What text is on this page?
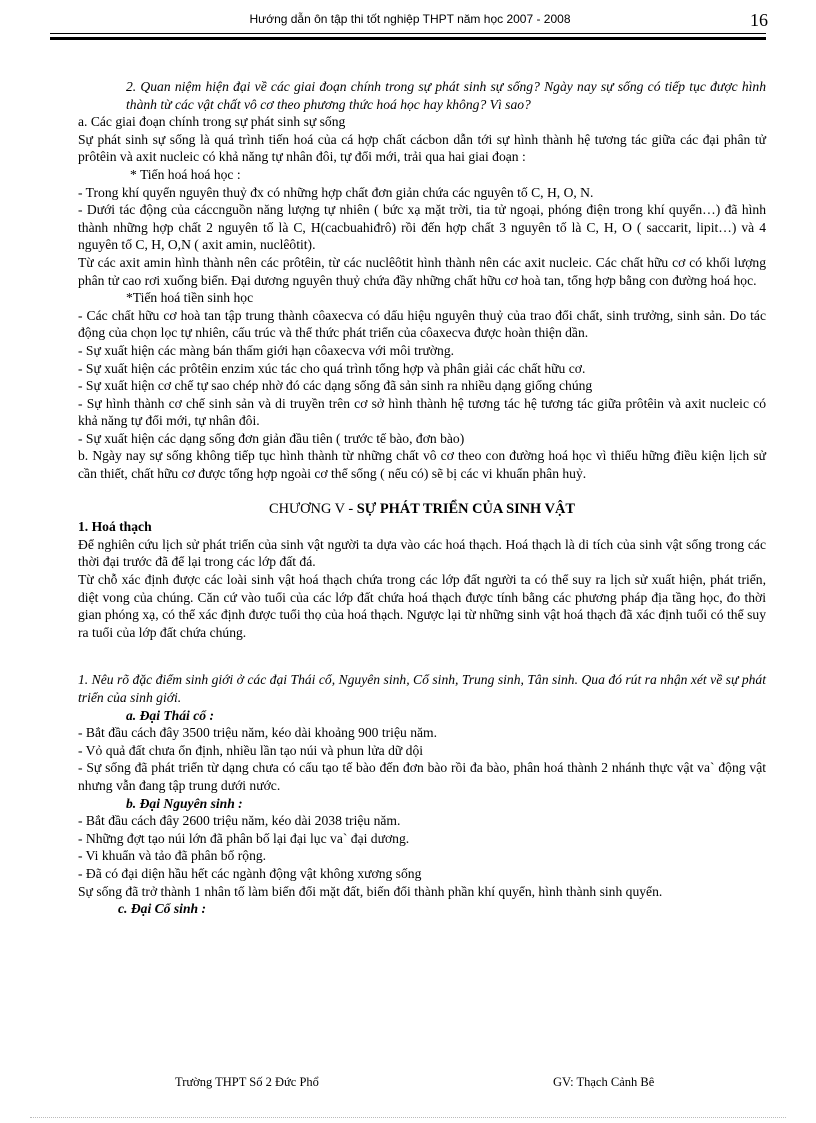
Hướng dẫn ôn tập thi tốt nghiệp THPT năm học 2007 - 2008	16

2. Quan niệm hiện đại về các giai đoạn chính trong sự phát sinh sự sống? Ngày nay sự sống có tiếp tục được hình thành từ các vật chất vô cơ theo phương thức hoá học hay không? Vì sao?

a. Các giai đoạn chính trong sự phát sinh sự sống

Sự phát sinh sự sống là quá trình tiến hoá của cá hợp chất cácbon dẫn tới sự hình thành hệ tương tác giữa các đại phân tử prôtêin và axit nucleic có khả năng tự nhân đôi, tự đổi mới, trải qua hai giai đoạn :

* Tiến hoá hoá học :

- Trong khí quyển nguyên thuỷ đx có những hợp chất đơn giản chứa các nguyên tố C, H, O, N.

- Dưới tác động của cáccnguồn năng lượng tự nhiên ( bức xạ mặt trời, tia tử ngoại, phóng điện trong khí quyển…) đã hình thành những hợp chất 2 nguyên tố là C, H(cacbuahiđrô) rồi đến hợp chất 3 nguyên tố là C, H, O ( saccarit, lipit…) và 4 nguyên tố C, H, O,N ( axit amin, nuclêôtit).

Từ các axit amin hình thành nên các prôtêin, từ các nuclêôtit hình thành nên các axit nucleic. Các chất hữu cơ có khối lượng phân tử cao rơi xuống biển. Đại dương nguyên thuỷ chứa đầy những chất hữu cơ hoà tan, tổng hợp bằng con đường hoá học.

*Tiến hoá tiền sinh học

- Các chất hữu cơ hoà tan tập trung thành côaxecva có dấu hiệu nguyên thuỷ của trao đổi chất, sinh trưởng, sinh sản. Do tác động của chọn lọc tự nhiên, cấu trúc và thể thức phát triển của côaxecva được hoàn thiện dần.

- Sự xuất hiện các màng bán thấm giới hạn côaxecva với môi trường.

- Sự xuất hiện các prôtêin enzim xúc tác cho quá trình tổng hợp và phân giải các chất hữu cơ.

- Sự xuất hiện cơ chế tự sao chép nhờ đó các dạng sống đã sản sinh ra nhiều dạng giống chúng

- Sự hình thành cơ chế sinh sản và di truyền trên cơ sở hình thành hệ tương tác hệ tương tác giữa prôtêin và axit nucleic có khả năng tự đổi mới, tự nhân đôi.

- Sự xuất hiện các dạng sống đơn giản đầu tiên ( trước tế bào, đơn bào)

b. Ngày nay sự sống không tiếp tục hình thành từ những chất vô cơ theo con đường hoá học vì thiếu hững điều kiện lịch sử cần thiết, chất hữu cơ được tổng hợp ngoài cơ thể sống ( nếu có) sẽ bị các vi khuẩn phân huỷ.

CHƯƠNG V - SỰ PHÁT TRIỂN CỦA SINH VẬT

1. Hoá thạch

Để nghiên cứu lịch sử phát triển của sinh vật người ta dựa vào các hoá thạch. Hoá thạch là di tích của sinh vật sống trong các thời đại trước đã để lại trong các lớp đất đá.

Từ chỗ xác định được các loài sinh vật hoá thạch chứa trong các lớp đất người ta có thể suy ra lịch sử xuất hiện, phát triển, diệt vong của chúng. Căn cứ vào tuổi của các lớp đất chứa hoá thạch được tính bằng các phương pháp địa tầng học, đo thời gian phóng xạ, có thể xác định được tuổi thọ của hoá thạch. Ngược lại từ những sinh vật hoá thạch đã xác định tuổi có thể suy ra tuổi của lớp đất chứa chúng.

1. Nêu rõ đặc điểm sinh giới ở các đại Thái cổ, Nguyên sinh, Cổ sinh, Trung sinh, Tân sinh. Qua đó rút ra nhận xét về sự phát triển của sinh giới.

a. Đại Thái cổ :

- Bắt đầu cách đây 3500 triệu năm, kéo dài khoảng 900 triệu năm.

- Vỏ quả đất chưa ổn định, nhiều lần tạo núi và phun lửa dữ dội

- Sự sống đã phát triển từ dạng chưa có cấu tạo tế bào đến đơn bào rồi đa bào, phân hoá thành 2 nhánh thực vật va` động vật nhưng vẫn đang tập trung dưới nước.

b. Đại Nguyên sinh :

- Bắt đầu cách đây 2600 triệu năm, kéo dài 2038 triệu năm.

- Những đợt tạo núi lớn đã phân bố lại đại lục va` đại dương.

- Vi khuẩn và tảo đã phân bố rộng.

- Đã có đại diện hầu hết các ngành động vật không xương sống

Sự sống đã trở thành 1 nhân tố làm biến đổi mặt đất, biến đổi thành phần khí quyển, hình thành sinh quyển.

c. Đại Cổ sinh :

Trường THPT Số 2 Đức Phổ	GV: Thạch Cảnh Bê
